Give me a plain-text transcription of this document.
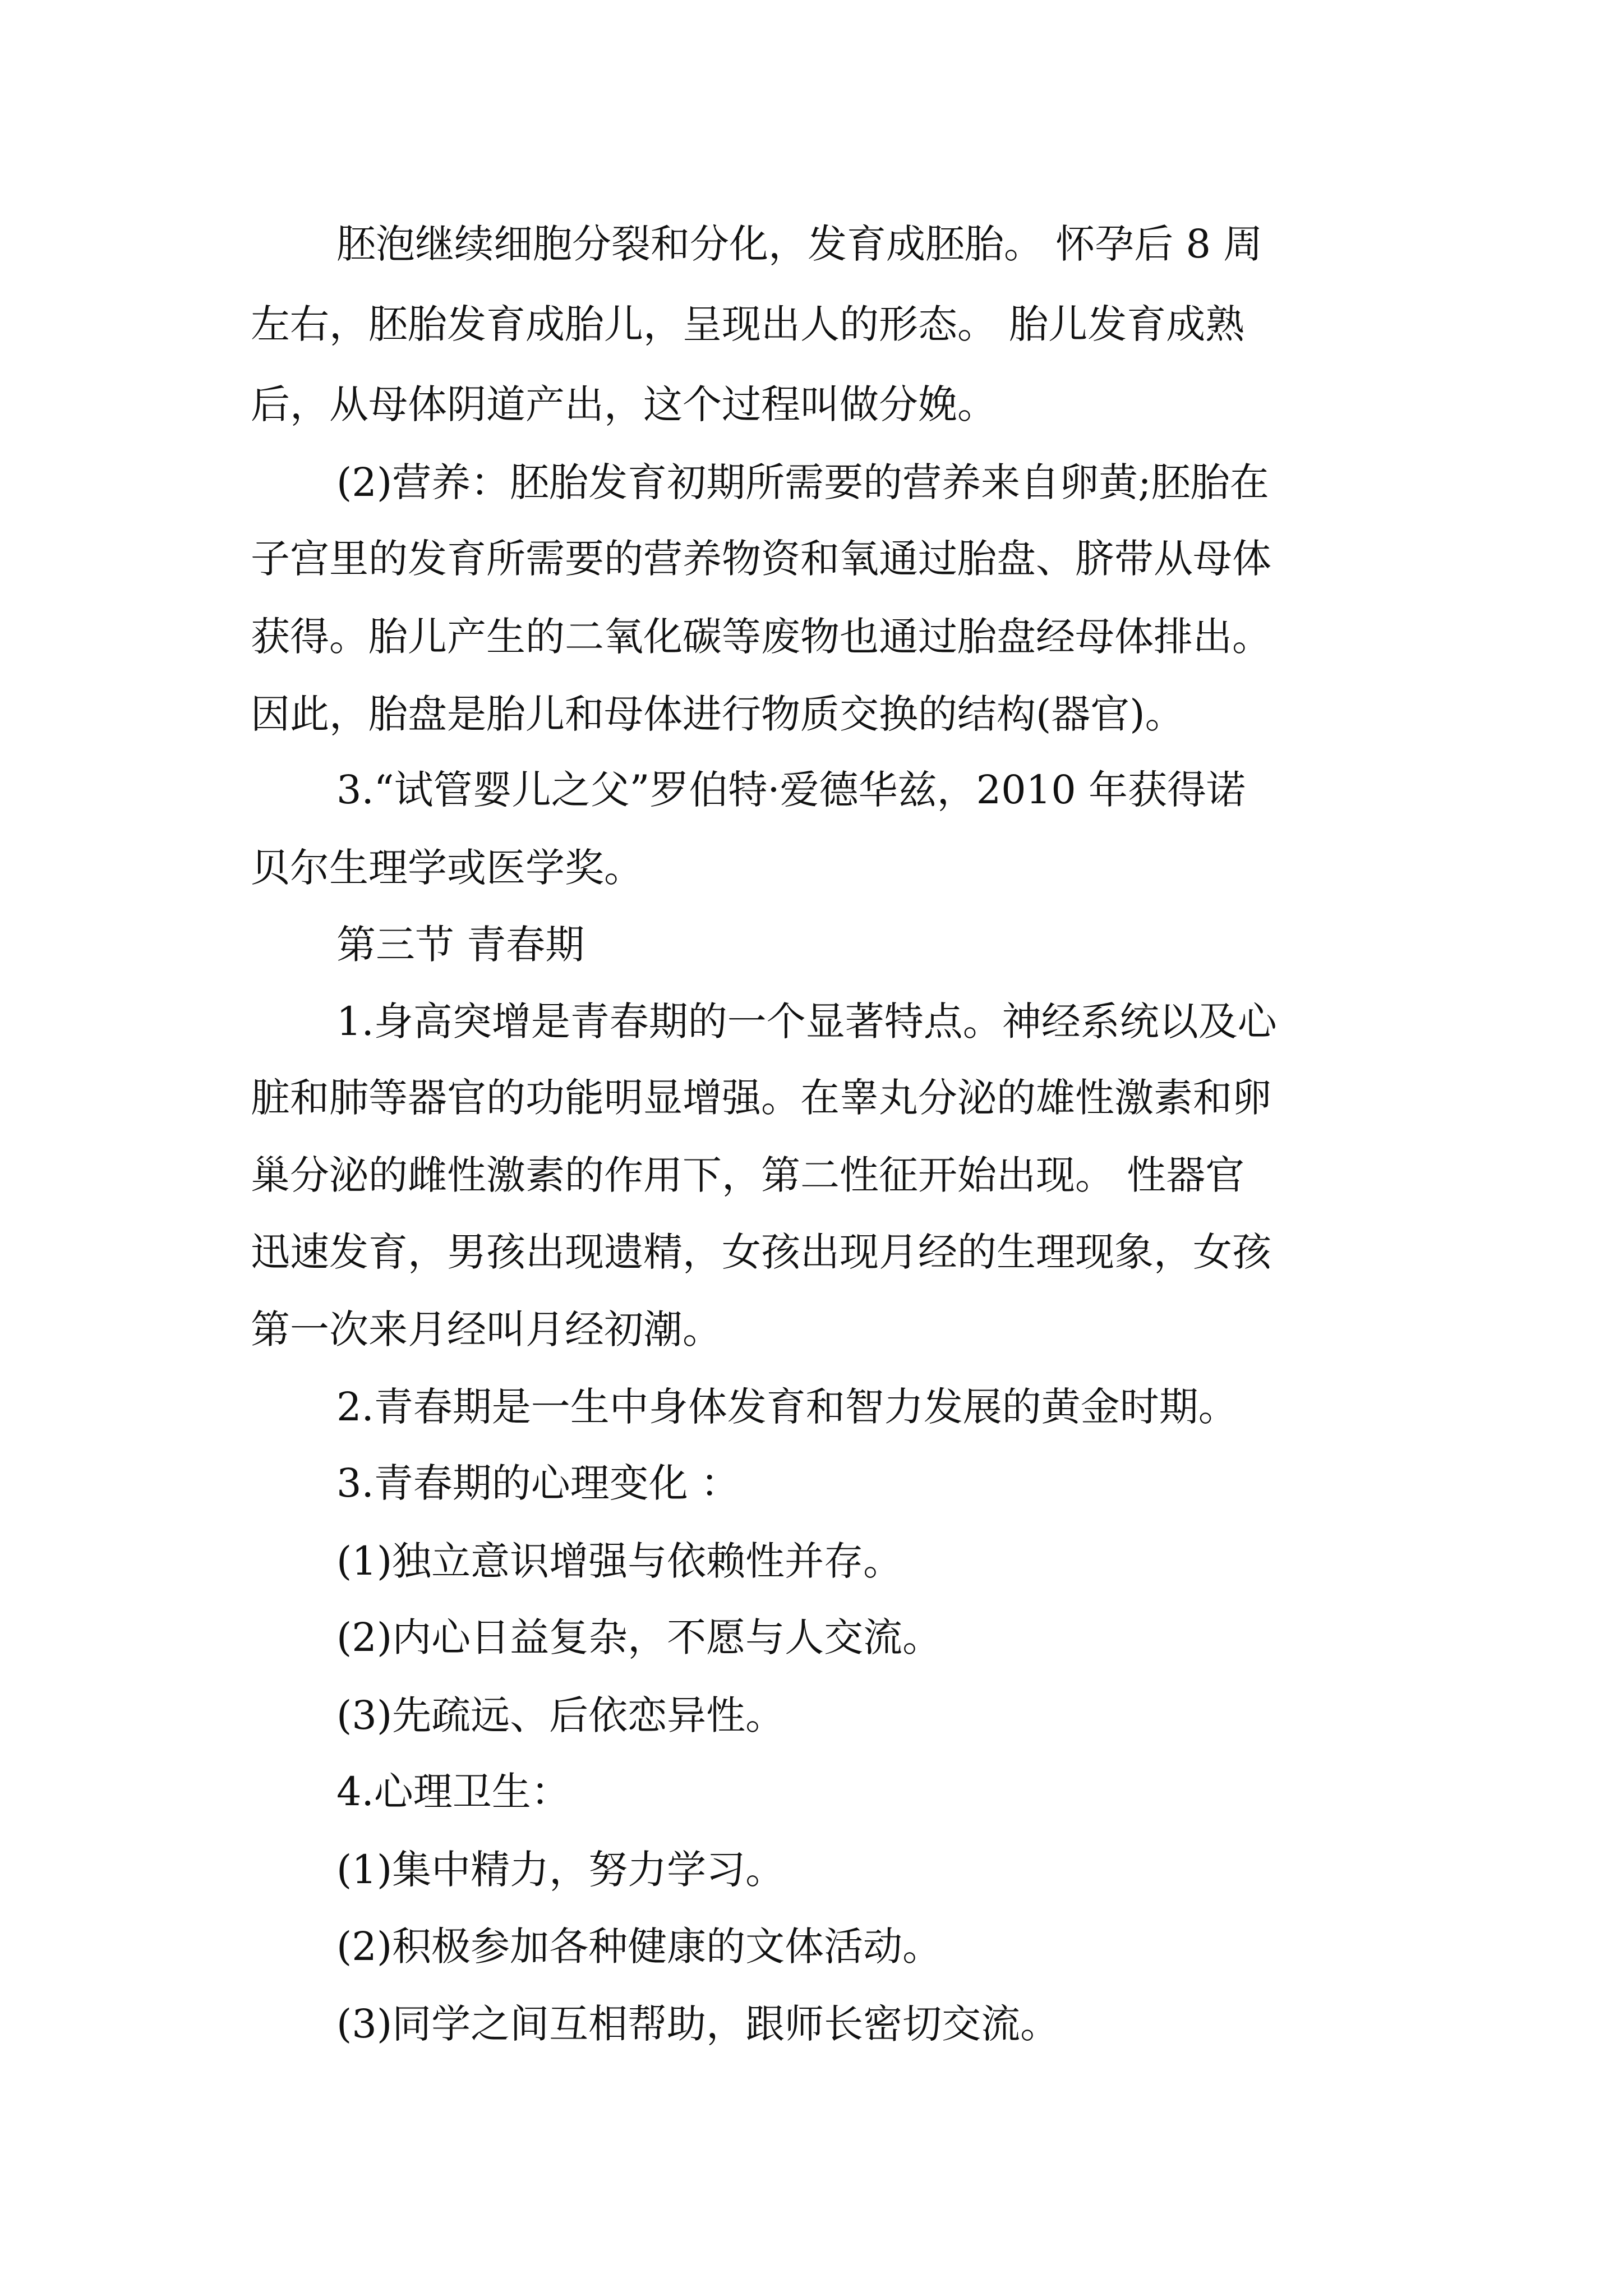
胚泡继续细胞分裂和分化，发育成胚胎。 怀孕后 8 周
左右，胚胎发育成胎儿，呈现出人的形态。 胎儿发育成熟
后，从母体阴道产出，这个过程叫做分娩。
(2)营养：胚胎发育初期所需要的营养来自卵黄;胚胎在
子宫里的发育所需要的营养物资和氧通过胎盘、脐带从母体
获得。胎儿产生的二氧化碳等废物也通过胎盘经母体排出。
因此，胎盘是胎儿和母体进行物质交换的结构(器官)。
3.“试管婴儿之父”罗伯特·爱德华兹，2010 年获得诺
贝尔生理学或医学奖。
第三节 青春期
1.身高突增是青春期的一个显著特点。神经系统以及心
脏和肺等器官的功能明显增强。在睾丸分泌的雄性激素和卵
巢分泌的雌性激素的作用下，第二性征开始出现。 性器官
迅速发育，男孩出现遗精，女孩出现月经的生理现象，女孩
第一次来月经叫月经初潮。
2.青春期是一生中身体发育和智力发展的黄金时期。
3.青春期的心理变化 ：
(1)独立意识增强与依赖性并存。
(2)内心日益复杂，不愿与人交流。
(3)先疏远、后依恋异性。
4.心理卫生：
(1)集中精力，努力学习。
(2)积极参加各种健康的文体活动。
(3)同学之间互相帮助，跟师长密切交流。
